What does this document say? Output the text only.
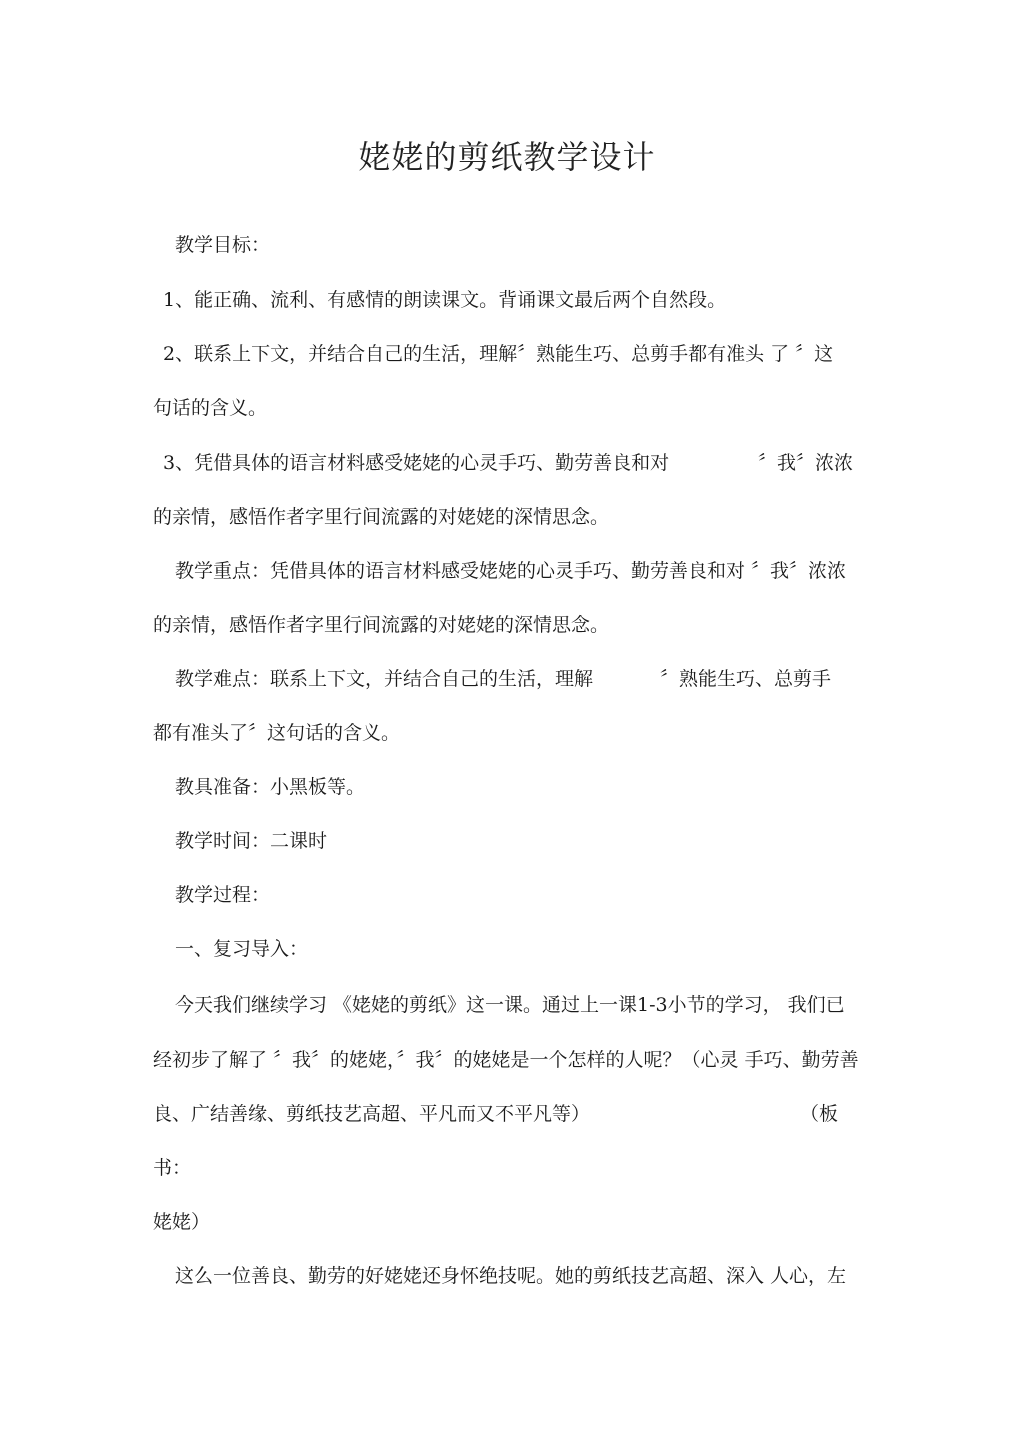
姥姥的剪纸教学设计
教学目标：
1、能正确、流利、有感情的朗读课文。背诵课文最后两个自然段。
2、联系上下文，并结合自己的生活，理解〞熟能生巧、总剪手都有准头 了 〞这
句话的含义。
3、凭借具体的语言材料感受姥姥的心灵手巧、勤劳善良和对	〞我〞浓浓
的亲情，感悟作者字里行间流露的对姥姥的深情思念。
教学重点：凭借具体的语言材料感受姥姥的心灵手巧、勤劳善良和对 〞我〞浓浓
的亲情，感悟作者字里行间流露的对姥姥的深情思念。
教学难点：联系上下文，并结合自己的生活，理解	〞熟能生巧、总剪手
都有准头了〞这句话的含义。
教具准备：小黑板等。
教学时间：二课时
教学过程：
一、复习导入：
今天我们继续学习 《姥姥的剪纸》这一课。通过上一课1-3小节的学习， 我们已
经初步了解了 〞我〞的姥姥，〞我〞的姥姥是一个怎样的人呢？（心灵 手巧、勤劳善
良、广结善缘、剪纸技艺高超、平凡而又不平凡等）	（板
书：
姥姥）
这么一位善良、勤劳的好姥姥还身怀绝技呢。她的剪纸技艺高超、深入 人心，左
